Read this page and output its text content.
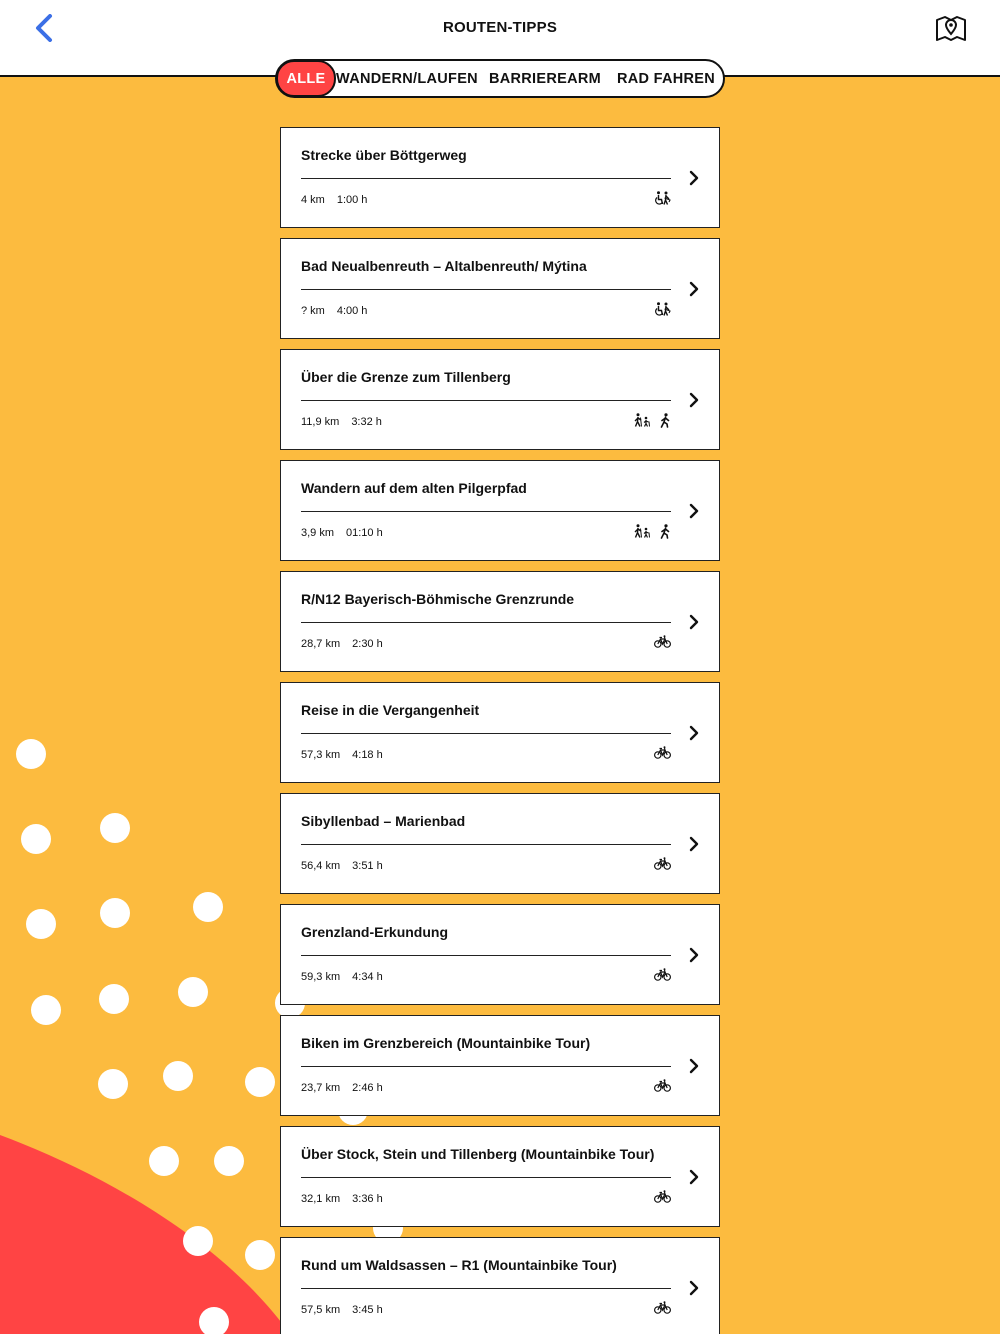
ROUTEN-TIPPS
ALLE WANDERN/LAUFEN BARRIEREARM	RAD FAHREN
Strecke über Böttgerweg
4 km 1:00 h
Bad Neualbenreuth – Altalbenreuth/ Mýtina
? km 4:00 h
Über die Grenze zum Tillenberg
11,9 km 3:32 h
Wandern auf dem alten Pilgerpfad
3,9 km 01:10 h
R/N12 Bayerisch-Böhmische Grenzrunde
28,7 km 2:30 h
Reise in die Vergangenheit
57,3 km 4:18 h
Sibyllenbad – Marienbad
56,4 km 3:51 h
Grenzland-Erkundung
59,3 km 4:34 h
Biken im Grenzbereich (Mountainbike Tour)
23,7 km 2:46 h
Über Stock, Stein und Tillenberg (Mountainbike Tour)
32,1 km 3:36 h
Rund um Waldsassen – R1 (Mountainbike Tour)
57,5 km 3:45 h
